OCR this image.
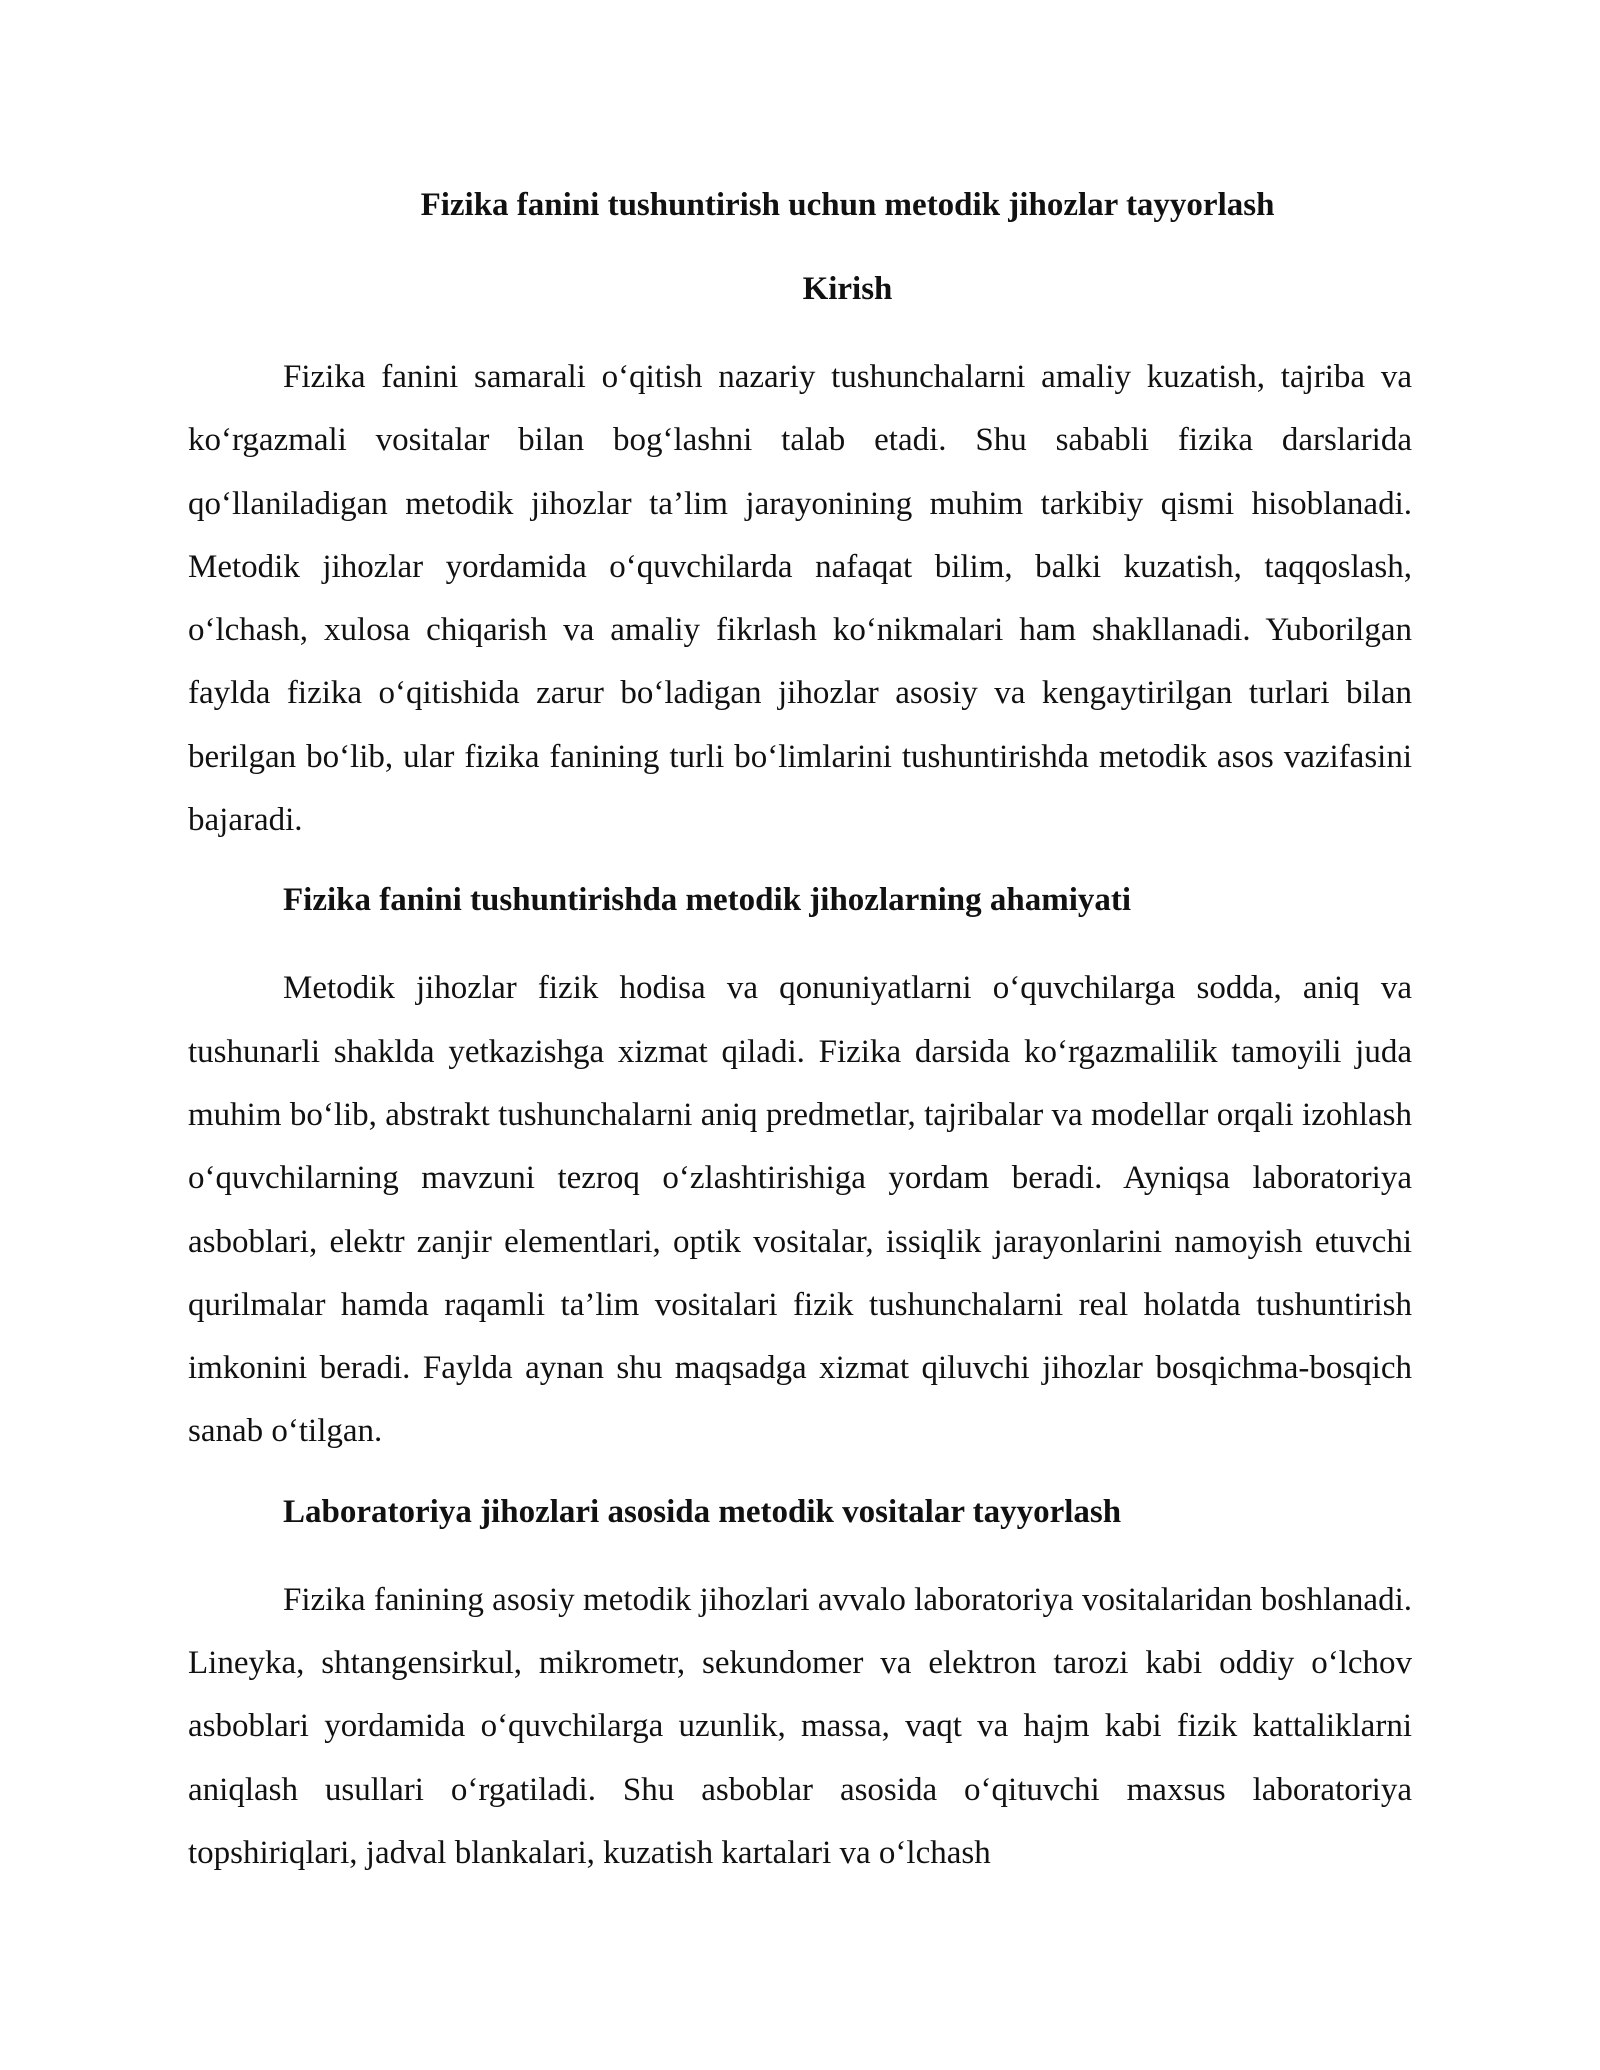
Fizika fanini tushuntirish uchun metodik jihozlar tayyorlash

Kirish

Fizika fanini samarali o‘qitish nazariy tushunchalarni amaliy kuzatish, tajriba va ko‘rgazmali vositalar bilan bog‘lashni talab etadi. Shu sababli fizika darslarida qo‘llaniladigan metodik jihozlar ta’lim jarayonining muhim tarkibiy qismi hisoblanadi. Metodik jihozlar yordamida o‘quvchilarda nafaqat bilim, balki kuzatish, taqqoslash, o‘lchash, xulosa chiqarish va amaliy fikrlash ko‘nikmalari ham shakllanadi. Yuborilgan faylda fizika o‘qitishida zarur bo‘ladigan jihozlar asosiy va kengaytirilgan turlari bilan berilgan bo‘lib, ular fizika fanining turli bo‘limlarini tushuntirishda metodik asos vazifasini bajaradi.

Fizika fanini tushuntirishda metodik jihozlarning ahamiyati

Metodik jihozlar fizik hodisa va qonuniyatlarni o‘quvchilarga sodda, aniq va tushunarli shaklda yetkazishga xizmat qiladi. Fizika darsida ko‘rgazmalilik tamoyili juda muhim bo‘lib, abstrakt tushunchalarni aniq predmetlar, tajribalar va modellar orqali izohlash o‘quvchilarning mavzuni tezroq o‘zlashtirishiga yordam beradi. Ayniqsa laboratoriya asboblari, elektr zanjir elementlari, optik vositalar, issiqlik jarayonlarini namoyish etuvchi qurilmalar hamda raqamli ta’lim vositalari fizik tushunchalarni real holatda tushuntirish imkonini beradi. Faylda aynan shu maqsadga xizmat qiluvchi jihozlar bosqichma-bosqich sanab o‘tilgan.

Laboratoriya jihozlari asosida metodik vositalar tayyorlash

Fizika fanining asosiy metodik jihozlari avvalo laboratoriya vositalaridan boshlanadi. Lineyka, shtangensirkul, mikrometr, sekundomer va elektron tarozi kabi oddiy o‘lchov asboblari yordamida o‘quvchilarga uzunlik, massa, vaqt va hajm kabi fizik kattaliklarni aniqlash usullari o‘rgatiladi. Shu asboblar asosida o‘qituvchi maxsus laboratoriya topshiriqlari, jadval blankalari, kuzatish kartalari va o‘lchash
